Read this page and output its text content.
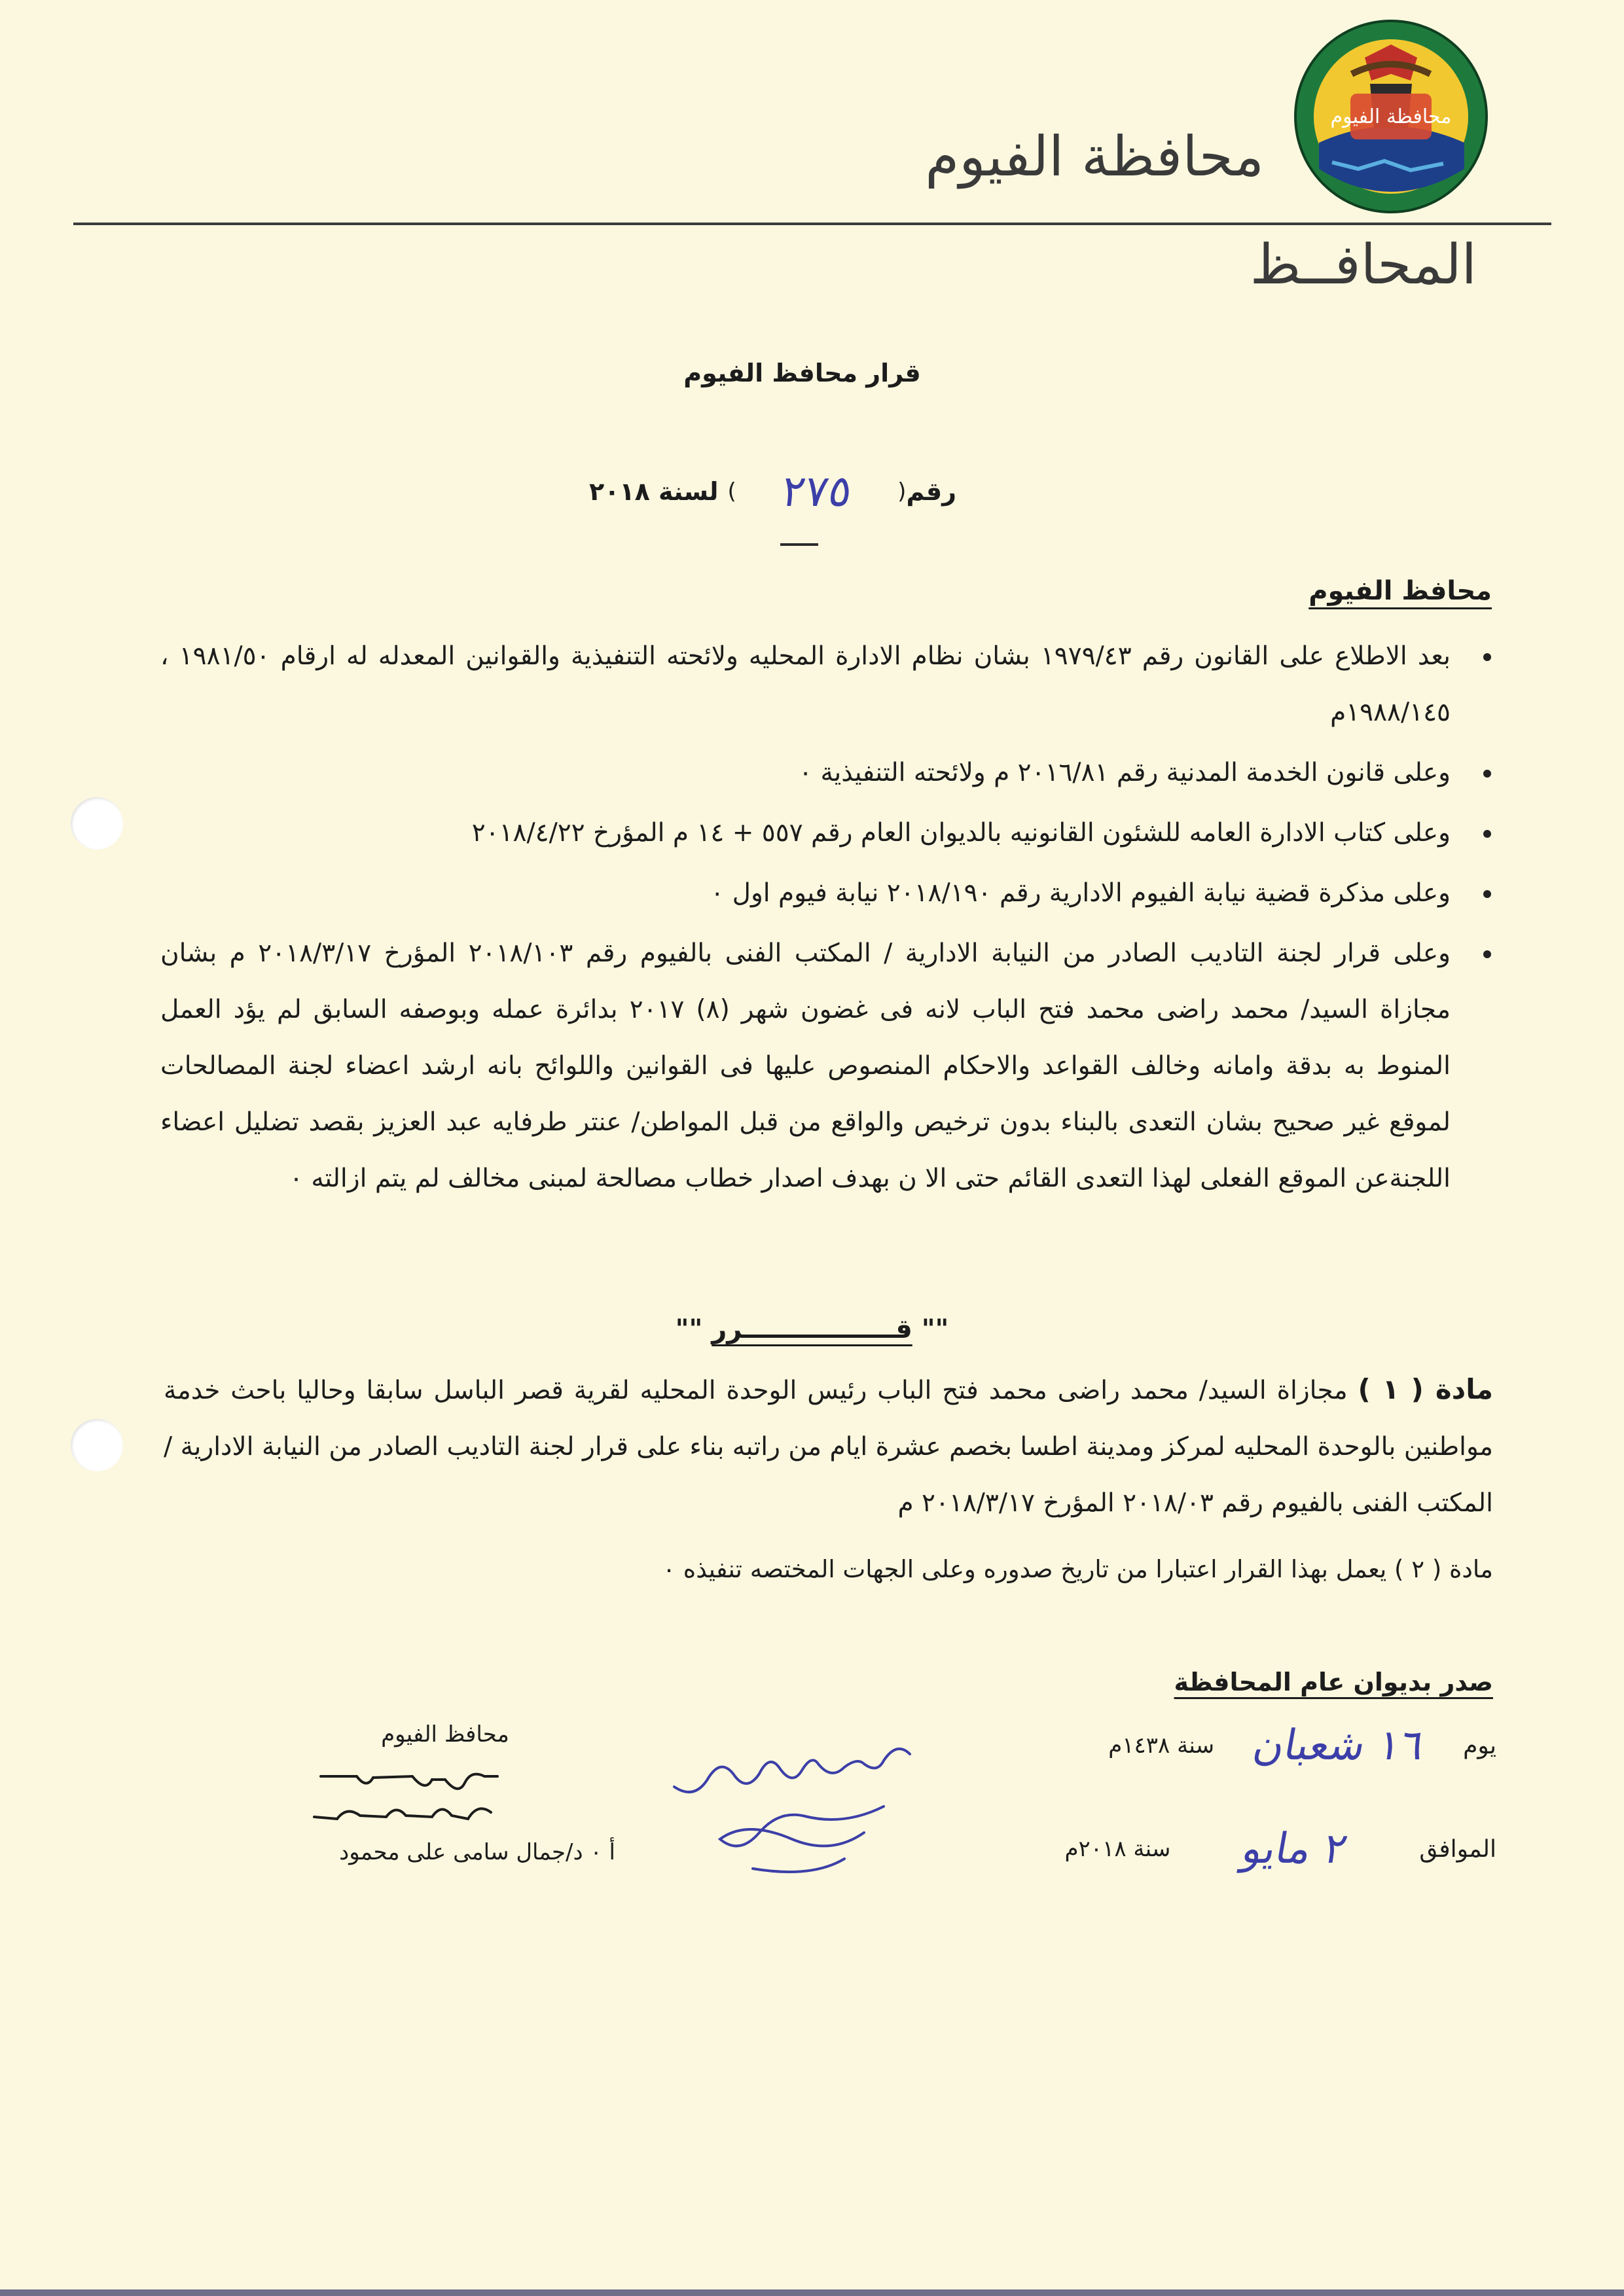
محافظة الفيوم
محافظة الفيوم
المحافــظ
قرار محافظ الفيوم
رقم
(
٢٧٥
)
لسنة ٢٠١٨
محافظ الفيوم
بعد الاطلاع على القانون رقم ١٩٧٩/٤٣ بشان نظام الادارة المحليه ولائحته التنفيذية والقوانين المعدله له ارقام ١٩٨١/٥٠ ، ١٩٨٨/١٤٥م
وعلى قانون الخدمة المدنية رقم ٢٠١٦/٨١ م ولائحته التنفيذية ٠
وعلى كتاب الادارة العامه للشئون القانونيه بالديوان العام رقم ٥٥٧ + ١٤ م المؤرخ ٢٠١٨/٤/٢٢
وعلى مذكرة قضية نيابة الفيوم الادارية رقم ٢٠١٨/١٩٠ نيابة فيوم اول ٠
وعلى قرار لجنة التاديب الصادر من النيابة الادارية / المكتب الفنى بالفيوم رقم ٢٠١٨/١٠٣ المؤرخ ٢٠١٨/٣/١٧ م بشان مجازاة السيد/ محمد راضى محمد فتح الباب لانه فى غضون شهر (٨) ٢٠١٧ بدائرة عمله وبوصفه السابق لم يؤد العمل المنوط به بدقة وامانه وخالف القواعد والاحكام المنصوص عليها فى القوانين واللوائح بانه ارشد اعضاء لجنة المصالحات لموقع غير صحيح بشان التعدى بالبناء بدون ترخيص والواقع من قبل المواطن/ عنتر طرفايه عبد العزيز بقصد تضليل اعضاء اللجنةعن الموقع الفعلى لهذا التعدى القائم حتى الا ن بهدف اصدار خطاب مصالحة لمبنى مخالف لم يتم ازالته ٠
"" قـــــــــــــــــرر ""
مادة ( ١ ) مجازاة السيد/ محمد راضى محمد فتح الباب رئيس الوحدة المحليه لقرية قصر الباسل سابقا وحاليا باحث خدمة مواطنين بالوحدة المحليه لمركز ومدينة اطسا بخصم عشرة ايام من راتبه بناء على قرار لجنة التاديب الصادر من النيابة الادارية / المكتب الفنى بالفيوم رقم ٢٠١٨/٠٣ المؤرخ ٢٠١٨/٣/١٧ م
مادة ( ٢ ) يعمل بهذا القرار اعتبارا من تاريخ صدوره وعلى الجهات المختصه تنفيذه ٠
صدر بديوان عام المحافظة
يوم
١٦ شعبان
سنة ١٤٣٨م
الموافق
٢ مايو
سنة ٢٠١٨م
محافظ الفيوم
أ ٠ د/جمال سامى على محمود
